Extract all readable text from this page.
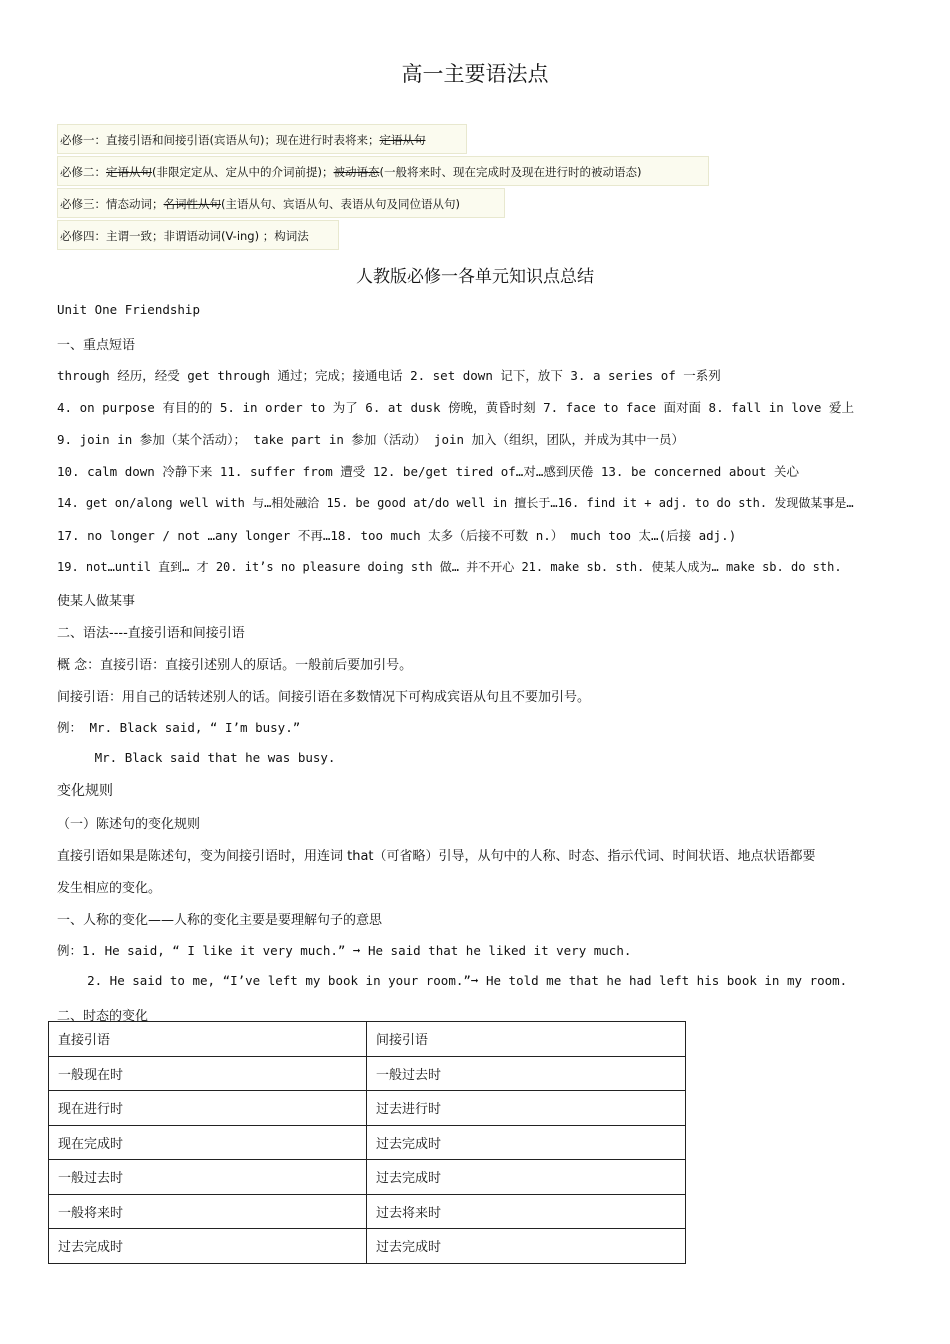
高一主要语法点
必修一：直接引语和间接引语(宾语从句)；现在进行时表将来；定语从句
必修二：定语从句(非限定定从、定从中的介词前提)；被动语态(一般将来时、现在完成时及现在进行时的被动语态)
必修三：情态动词；名词性从句(主语从句、宾语从句、表语从句及同位语从句)
必修四：主谓一致；非谓语动词(V-ing) ；构词法
人教版必修一各单元知识点总结
Unit One Friendship
一、重点短语
through 经历，经受 get through 通过；完成；接通电话 2. set down 记下，放下 3. a series of 一系列
4. on purpose 有目的的 5. in order to 为了 6. at dusk 傍晚，黄昏时刻 7. face to face 面对面 8. fall in love 爱上
9. join in 参加（某个活动）； take part in 参加（活动） join 加入（组织，团队，并成为其中一员）
10. calm down 冷静下来 11. suffer from 遭受 12. be/get tired of…对…感到厌倦 13. be concerned about 关心
14. get on/along well with 与…相处融洽 15. be good at/do well in 擅长于…16. find it + adj. to do sth. 发现做某事是…
17. no longer / not …any longer 不再…18. too much 太多（后接不可数 n.） much too 太…(后接 adj.)
19. not…until 直到… 才 20. it’s no pleasure doing sth 做… 并不开心 21. make sb. sth. 使某人成为… make sb. do sth.
使某人做某事
二、语法----直接引语和间接引语
概 念：直接引语：直接引述别人的原话。一般前后要加引号。
间接引语：用自己的话转述别人的话。间接引语在多数情况下可构成宾语从句且不要加引号。
例： Mr. Black said, “ I’m busy.”
Mr. Black said that he was busy.
变化规则
（一）陈述句的变化规则
直接引语如果是陈述句，变为间接引语时，用连词 that（可省略）引导，从句中的人称、时态、指示代词、时间状语、地点状语都要
发生相应的变化。
一、人称的变化——人称的变化主要是要理解句子的意思
例：1. He said, “ I like it very much.” ➞ He said that he liked it very much.
2. He said to me, “I’ve left my book in your room.”➞ He told me that he had left his book in my room.
二、时态的变化
直接引语	间接引语
一般现在时	一般过去时
现在进行时	过去进行时
现在完成时	过去完成时
一般过去时	过去完成时
一般将来时	过去将来时
过去完成时	过去完成时
